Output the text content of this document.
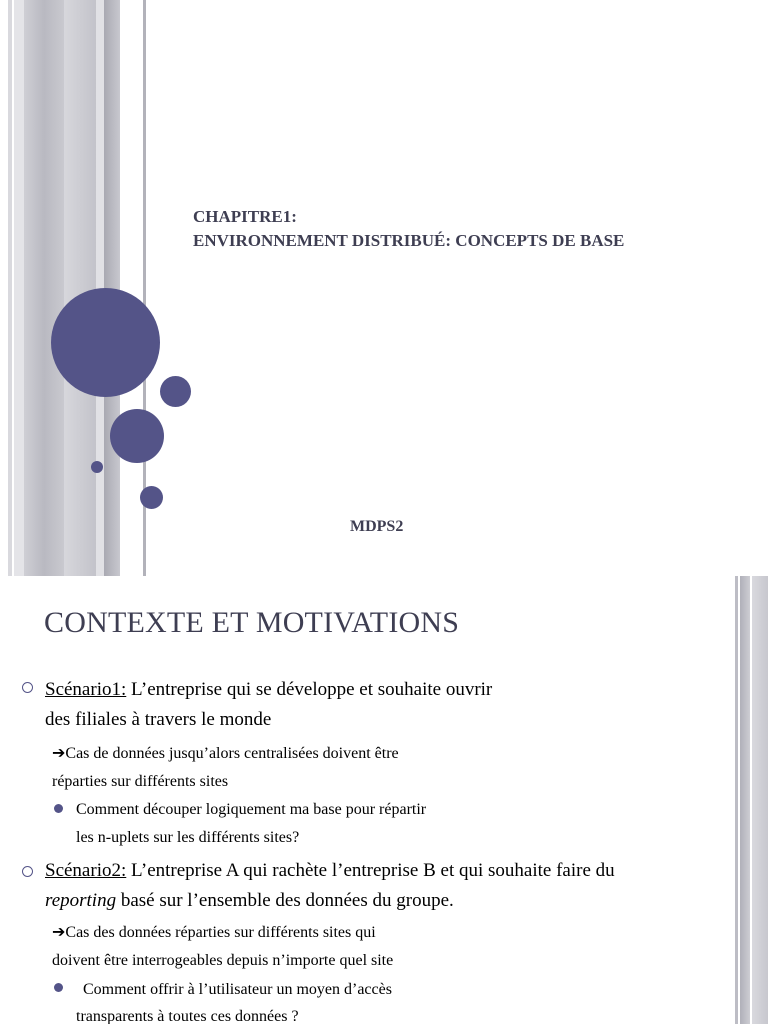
CHAPITRE1:
ENVIRONNEMENT DISTRIBUÉ: CONCEPTS DE BASE
MDPS2
CONTEXTE ET MOTIVATIONS
Scénario1: L’entreprise qui se développe et souhaite ouvrir
des filiales à travers le monde
➔Cas de données jusqu’alors centralisées doivent être
réparties sur différents sites
Comment découper logiquement ma base pour répartir
les n-uplets sur les différents sites?
Scénario2: L’entreprise A qui rachète l’entreprise B et qui souhaite faire du
reporting basé sur l’ensemble des données du groupe.
➔Cas des données réparties sur différents sites qui
doivent être interrogeables depuis n’importe quel site
Comment offrir à l’utilisateur un moyen d’accès
transparents à toutes ces données ?
